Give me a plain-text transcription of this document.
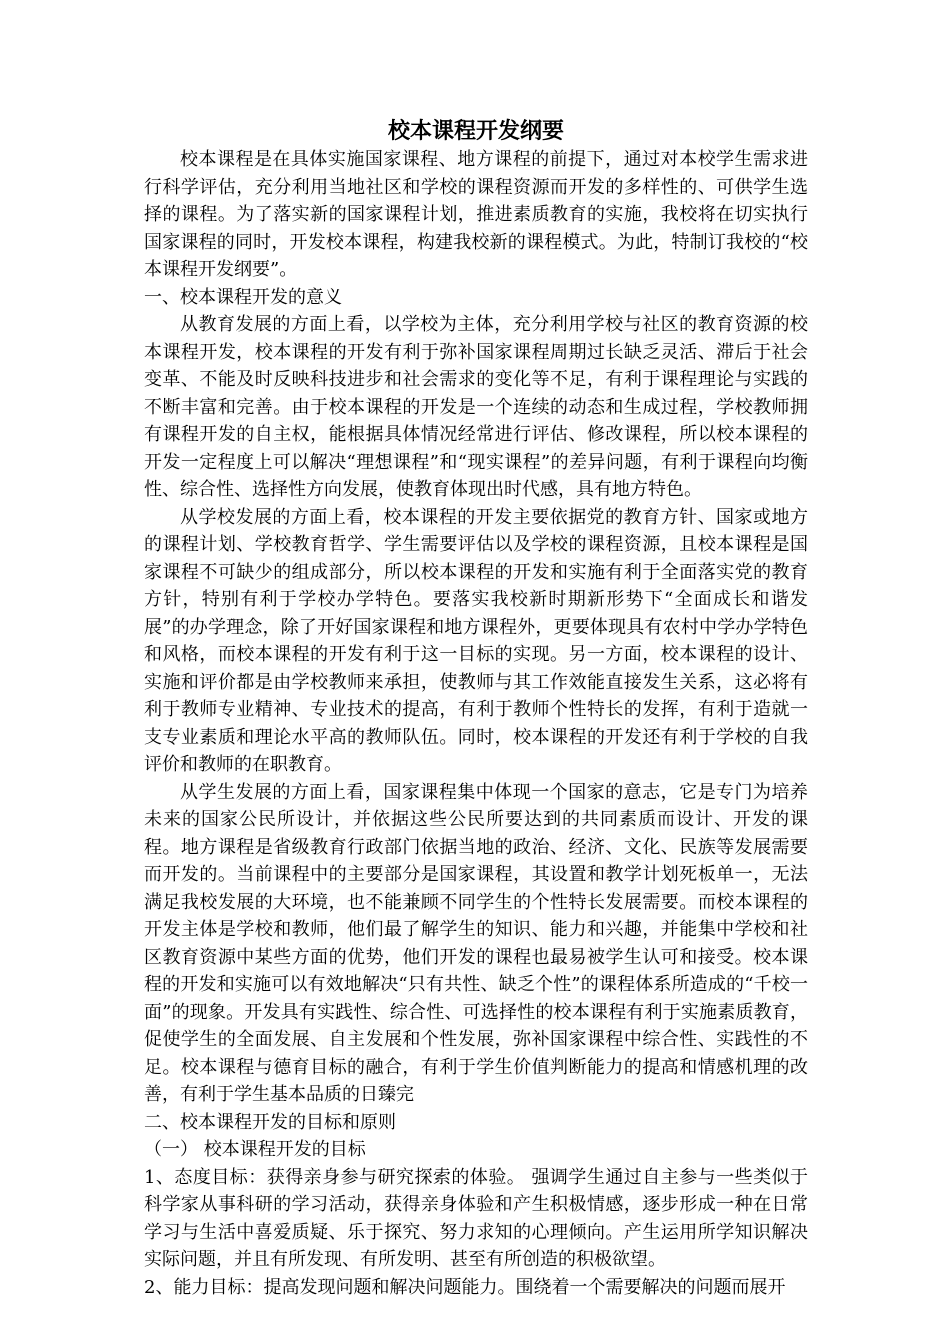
校本课程开发纲要

校本课程是在具体实施国家课程、地方课程的前提下，通过对本校学生需求进行科学评估，充分利用当地社区和学校的课程资源而开发的多样性的、可供学生选择的课程。为了落实新的国家课程计划，推进素质教育的实施，我校将在切实执行国家课程的同时，开发校本课程，构建我校新的课程模式。为此，特制订我校的“校本课程开发纲要”。

一、校本课程开发的意义

从教育发展的方面上看，以学校为主体，充分利用学校与社区的教育资源的校本课程开发，校本课程的开发有利于弥补国家课程周期过长缺乏灵活、滞后于社会变革、不能及时反映科技进步和社会需求的变化等不足，有利于课程理论与实践的不断丰富和完善。由于校本课程的开发是一个连续的动态和生成过程，学校教师拥有课程开发的自主权，能根据具体情况经常进行评估、修改课程，所以校本课程的开发一定程度上可以解决“理想课程”和“现实课程”的差异问题，有利于课程向均衡性、综合性、选择性方向发展，使教育体现出时代感，具有地方特色。

从学校发展的方面上看，校本课程的开发主要依据党的教育方针、国家或地方的课程计划、学校教育哲学、学生需要评估以及学校的课程资源，且校本课程是国家课程不可缺少的组成部分，所以校本课程的开发和实施有利于全面落实党的教育方针，特别有利于学校办学特色。要落实我校新时期新形势下“全面成长和谐发展”的办学理念，除了开好国家课程和地方课程外，更要体现具有农村中学办学特色和风格，而校本课程的开发有利于这一目标的实现。另一方面，校本课程的设计、实施和评价都是由学校教师来承担，使教师与其工作效能直接发生关系，这必将有利于教师专业精神、专业技术的提高，有利于教师个性特长的发挥，有利于造就一支专业素质和理论水平高的教师队伍。同时，校本课程的开发还有利于学校的自我评价和教师的在职教育。

从学生发展的方面上看，国家课程集中体现一个国家的意志，它是专门为培养未来的国家公民所设计，并依据这些公民所要达到的共同素质而设计、开发的课程。地方课程是省级教育行政部门依据当地的政治、经济、文化、民族等发展需要而开发的。当前课程中的主要部分是国家课程，其设置和教学计划死板单一，无法满足我校发展的大环境，也不能兼顾不同学生的个性特长发展需要。而校本课程的开发主体是学校和教师，他们最了解学生的知识、能力和兴趣，并能集中学校和社区教育资源中某些方面的优势，他们开发的课程也最易被学生认可和接受。校本课程的开发和实施可以有效地解决“只有共性、缺乏个性”的课程体系所造成的“千校一面”的现象。开发具有实践性、综合性、可选择性的校本课程有利于实施素质教育，促使学生的全面发展、自主发展和个性发展，弥补国家课程中综合性、实践性的不足。校本课程与德育目标的融合，有利于学生价值判断能力的提高和情感机理的改善，有利于学生基本品质的日臻完

二、校本课程开发的目标和原则

（一） 校本课程开发的目标

1、态度目标：获得亲身参与研究探索的体验。 强调学生通过自主参与一些类似于科学家从事科研的学习活动，获得亲身体验和产生积极情感，逐步形成一种在日常学习与生活中喜爱质疑、乐于探究、努力求知的心理倾向。产生运用所学知识解决实际问题，并且有所发现、有所发明、甚至有所创造的积极欲望。

2、能力目标：提高发现问题和解决问题能力。围绕着一个需要解决的问题而展开
